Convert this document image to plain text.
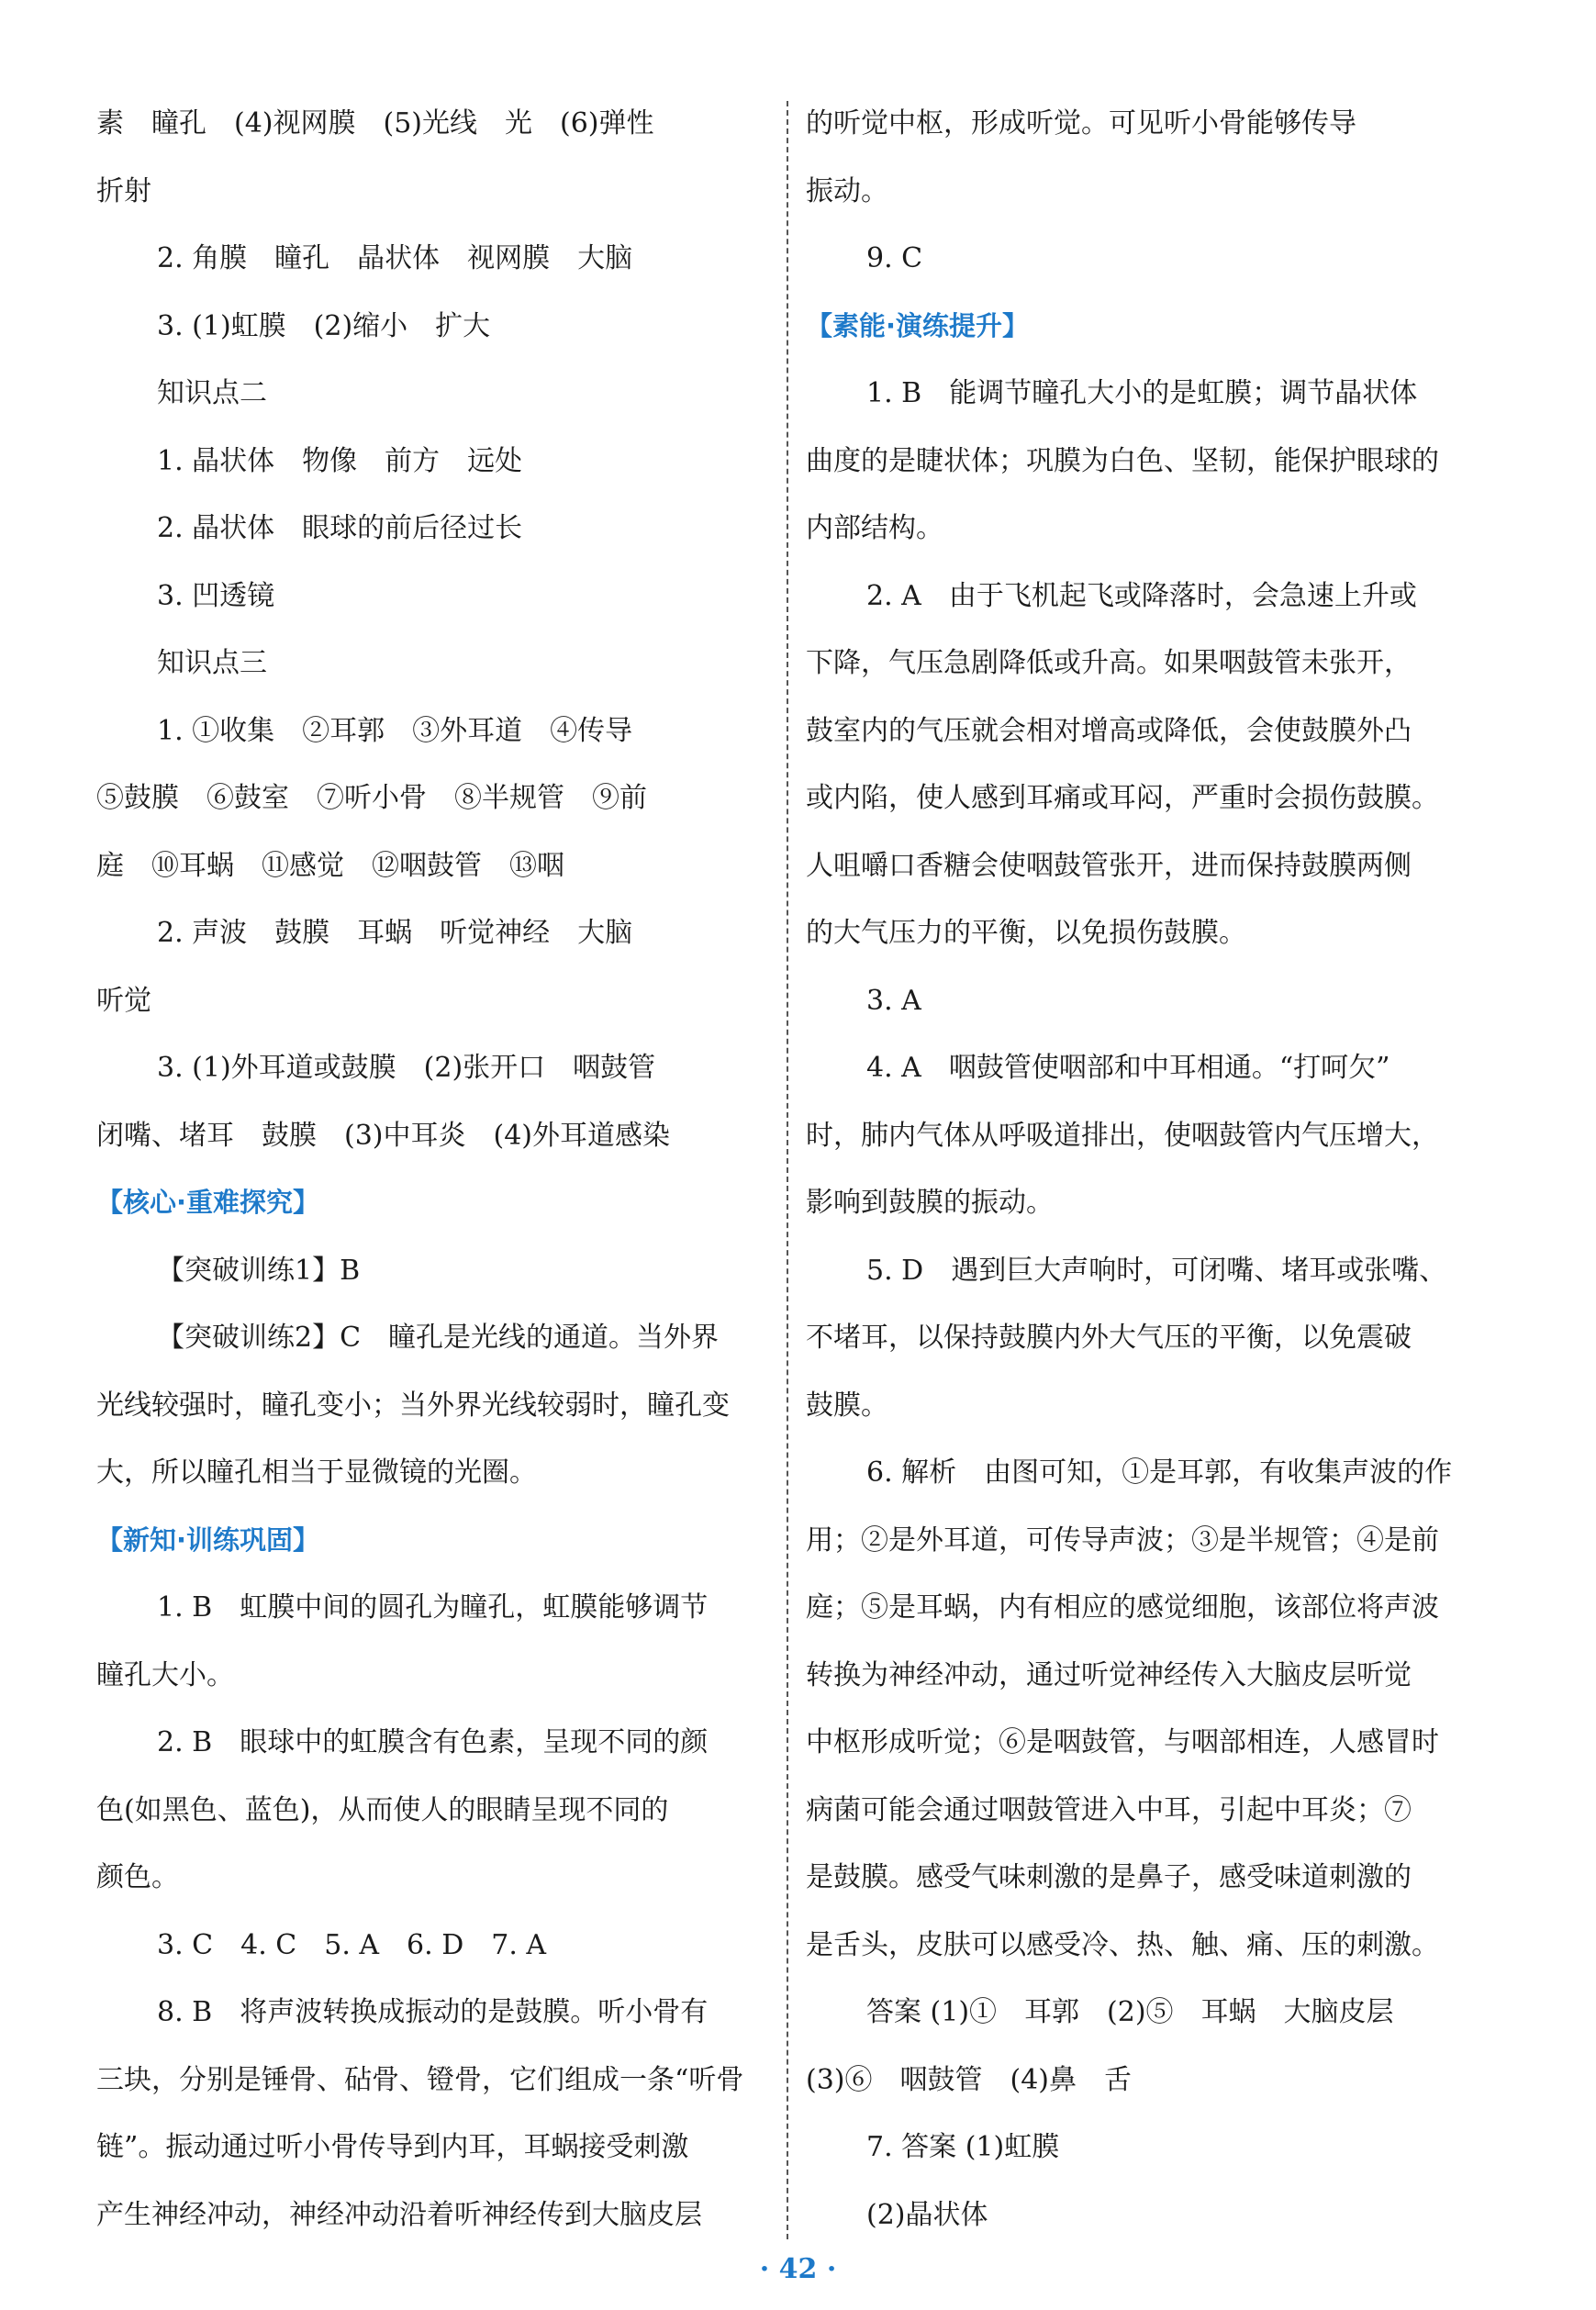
素　瞳孔　(4)视网膜　(5)光线　光　(6)弹性
折射
2. 角膜　瞳孔　晶状体　视网膜　大脑
3. (1)虹膜　(2)缩小　扩大
知识点二
1. 晶状体　物像　前方　远处
2. 晶状体　眼球的前后径过长
3. 凹透镜
知识点三
1. ①收集　②耳郭　③外耳道　④传导
⑤鼓膜　⑥鼓室　⑦听小骨　⑧半规管　⑨前
庭　⑩耳蜗　⑪感觉　⑫咽鼓管　⑬咽
2. 声波　鼓膜　耳蜗　听觉神经　大脑
听觉
3. (1)外耳道或鼓膜　(2)张开口　咽鼓管
闭嘴、堵耳　鼓膜　(3)中耳炎　(4)外耳道感染
【核心·重难探究】
【突破训练1】B
【突破训练2】C　瞳孔是光线的通道。当外界
光线较强时，瞳孔变小；当外界光线较弱时，瞳孔变
大，所以瞳孔相当于显微镜的光圈。
【新知·训练巩固】
1. B　虹膜中间的圆孔为瞳孔，虹膜能够调节
瞳孔大小。
2. B　眼球中的虹膜含有色素，呈现不同的颜
色(如黑色、蓝色)，从而使人的眼睛呈现不同的
颜色。
3. C　4. C　5. A　6. D　7. A
8. B　将声波转换成振动的是鼓膜。听小骨有
三块，分别是锤骨、砧骨、镫骨，它们组成一条“听骨
链”。振动通过听小骨传导到内耳，耳蜗接受刺激
产生神经冲动，神经冲动沿着听神经传到大脑皮层
的听觉中枢，形成听觉。可见听小骨能够传导
振动。
9. C
【素能·演练提升】
1. B　能调节瞳孔大小的是虹膜；调节晶状体
曲度的是睫状体；巩膜为白色、坚韧，能保护眼球的
内部结构。
2. A　由于飞机起飞或降落时，会急速上升或
下降，气压急剧降低或升高。如果咽鼓管未张开，
鼓室内的气压就会相对增高或降低，会使鼓膜外凸
或内陷，使人感到耳痛或耳闷，严重时会损伤鼓膜。
人咀嚼口香糖会使咽鼓管张开，进而保持鼓膜两侧
的大气压力的平衡，以免损伤鼓膜。
3. A
4. A　咽鼓管使咽部和中耳相通。“打呵欠”
时，肺内气体从呼吸道排出，使咽鼓管内气压增大，
影响到鼓膜的振动。
5. D　遇到巨大声响时，可闭嘴、堵耳或张嘴、
不堵耳，以保持鼓膜内外大气压的平衡，以免震破
鼓膜。
6. 解析　由图可知，①是耳郭，有收集声波的作
用；②是外耳道，可传导声波；③是半规管；④是前
庭；⑤是耳蜗，内有相应的感觉细胞，该部位将声波
转换为神经冲动，通过听觉神经传入大脑皮层听觉
中枢形成听觉；⑥是咽鼓管，与咽部相连，人感冒时
病菌可能会通过咽鼓管进入中耳，引起中耳炎；⑦
是鼓膜。感受气味刺激的是鼻子，感受味道刺激的
是舌头，皮肤可以感受冷、热、触、痛、压的刺激。
答案 (1)①　耳郭　(2)⑤　耳蜗　大脑皮层
(3)⑥　咽鼓管　(4)鼻　舌
7. 答案 (1)虹膜
(2)晶状体
· 42 ·
